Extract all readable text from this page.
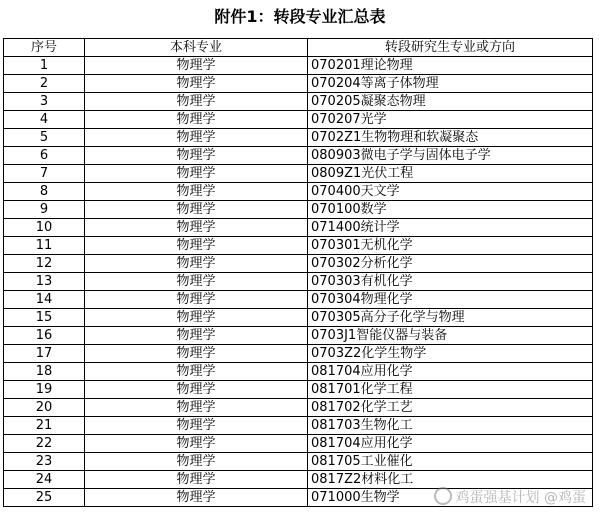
附件1：转段专业汇总表
序号	本科专业	转段研究生专业或方向
1	物理学	070201理论物理
2	物理学	070204等离子体物理
3	物理学	070205凝聚态物理
4	物理学	070207光学
5	物理学	0702Z1生物物理和软凝聚态
6	物理学	080903微电子学与固体电子学
7	物理学	0809Z1光伏工程
8	物理学	070400天文学
9	物理学	070100数学
10	物理学	071400统计学
11	物理学	070301无机化学
12	物理学	070302分析化学
13	物理学	070303有机化学
14	物理学	070304物理化学
15	物理学	070305高分子化学与物理
16	物理学	0703J1智能仪器与装备
17	物理学	0703Z2化学生物学
18	物理学	081704应用化学
19	物理学	081701化学工程
20	物理学	081702化学工艺
21	物理学	081703生物化工
22	物理学	081704应用化学
23	物理学	081705工业催化
24	物理学	0817Z2材料化工
25	物理学	071000生物学	鸡蛋强基计划 @鸡蛋
